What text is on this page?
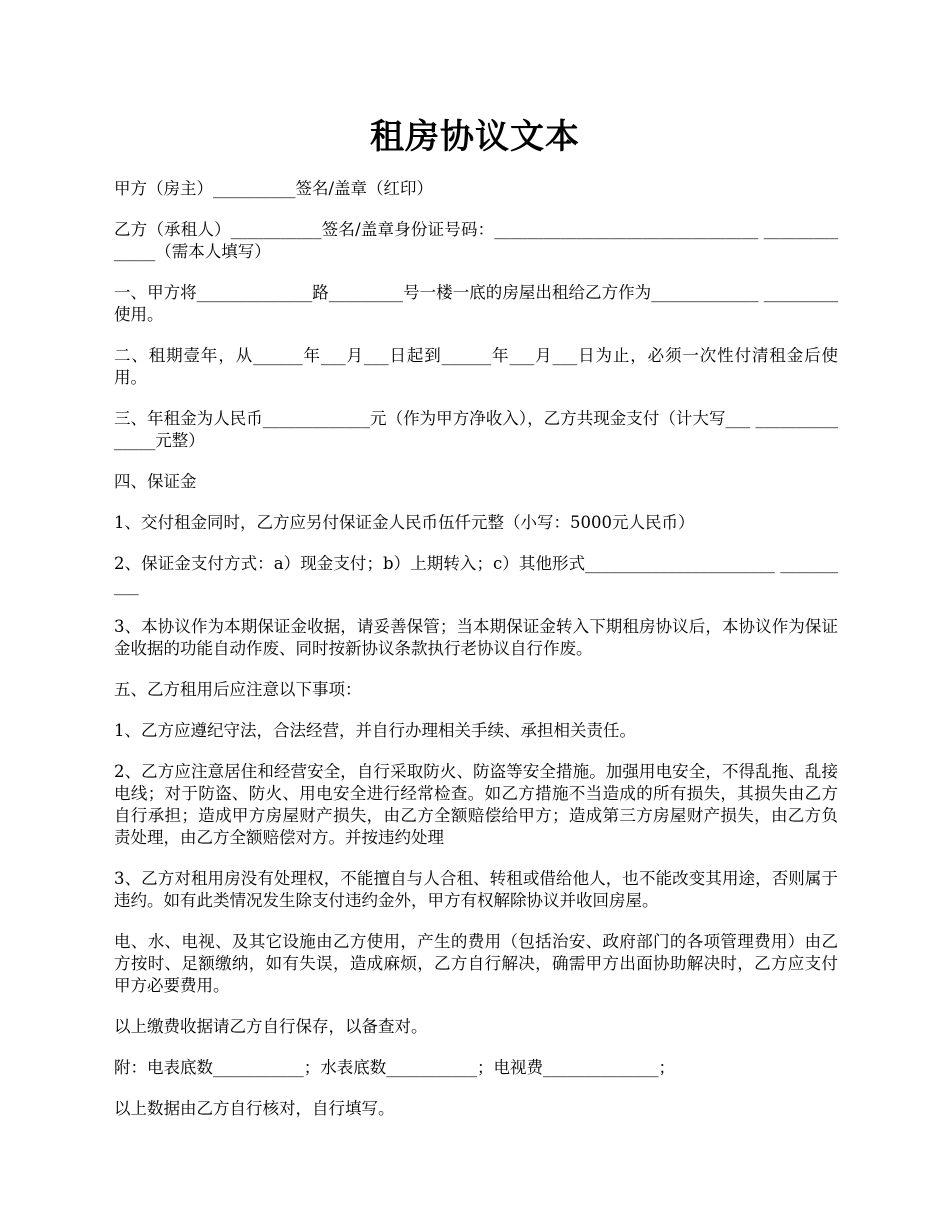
租房协议文本

甲方（房主）__________签名/盖章（红印）

乙方（承租人）___________签名/盖章身份证号码：________________________________ ______________（需本人填写）

一、甲方将______________路_________号一楼一底的房屋出租给乙方作为_____________ _________使用。

二、租期壹年，从______年___月___日起到______年___月___日为止，必须一次性付清租金后使用。

三、年租金为人民币_____________元（作为甲方净收入），乙方共现金支付（计大写___ _______________元整）

四、保证金

1、交付租金同时，乙方应另付保证金人民币伍仟元整（小写：5000元人民币）

2、保证金支付方式：a）现金支付；b）上期转入；c）其他形式_______________________ __________

3、本协议作为本期保证金收据，请妥善保管；当本期保证金转入下期租房协议后，本协议作为保证金收据的功能自动作废、同时按新协议条款执行老协议自行作废。

五、乙方租用后应注意以下事项：

1、乙方应遵纪守法，合法经营，并自行办理相关手续、承担相关责任。

2、乙方应注意居住和经营安全，自行采取防火、防盗等安全措施。加强用电安全，不得乱拖、乱接电线；对于防盗、防火、用电安全进行经常检查。如乙方措施不当造成的所有损失，其损失由乙方自行承担；造成甲方房屋财产损失，由乙方全额赔偿给甲方；造成第三方房屋财产损失，由乙方负责处理，由乙方全额赔偿对方。并按违约处理

3、乙方对租用房没有处理权，不能擅自与人合租、转租或借给他人，也不能改变其用途，否则属于违约。如有此类情况发生除支付违约金外，甲方有权解除协议并收回房屋。

电、水、电视、及其它设施由乙方使用，产生的费用（包括治安、政府部门的各项管理费用）由乙方按时、足额缴纳，如有失误，造成麻烦，乙方自行解决，确需甲方出面协助解决时，乙方应支付甲方必要费用。

以上缴费收据请乙方自行保存，以备查对。

附：电表底数___________；水表底数___________；电视费______________；

以上数据由乙方自行核对，自行填写。
